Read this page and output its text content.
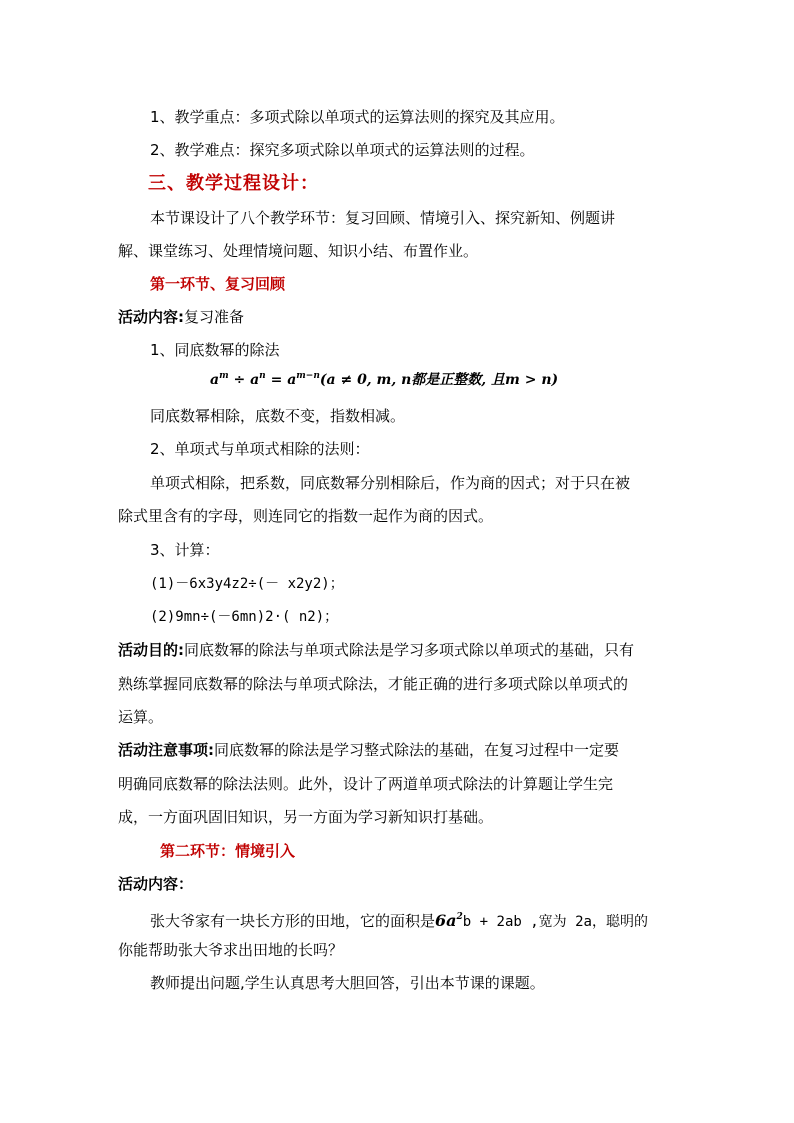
1、教学重点：多项式除以单项式的运算法则的探究及其应用。
2、教学难点：探究多项式除以单项式的运算法则的过程。
三、教学过程设计：
本节课设计了八个教学环节：复习回顾、情境引入、探究新知、例题讲
解、课堂练习、处理情境问题、知识小结、布置作业。
第一环节、复习回顾
活动内容:复习准备
1、同底数幂的除法
$a^m \div a^n = a^{m-n}(a \ne 0$, m, n都是正整数, 且m > n)
同底数幂相除，底数不变，指数相减。
2、单项式与单项式相除的法则：
单项式相除，把系数，同底数幂分别相除后，作为商的因式；对于只在被
除式里含有的字母，则连同它的指数一起作为商的因式。
3、计算：
(1)－6x3y4z2÷(－ x2y2)；
(2)9mn÷(－6mn)2·( n2)；
活动目的:同底数幂的除法与单项式除法是学习多项式除以单项式的基础，只有
熟练掌握同底数幂的除法与单项式除法，才能正确的进行多项式除以单项式的
运算。
活动注意事项:同底数幂的除法是学习整式除法的基础，在复习过程中一定要
明确同底数幂的除法法则。此外，设计了两道单项式除法的计算题让学生完
成，一方面巩固旧知识，另一方面为学习新知识打基础。
第二环节：情境引入
活动内容：
张大爷家有一块长方形的田地，它的面积是$6a^2b + 2ab$ ,宽为 2a，聪明的
你能帮助张大爷求出田地的长吗？
教师提出问题,学生认真思考大胆回答，引出本节课的课题。
